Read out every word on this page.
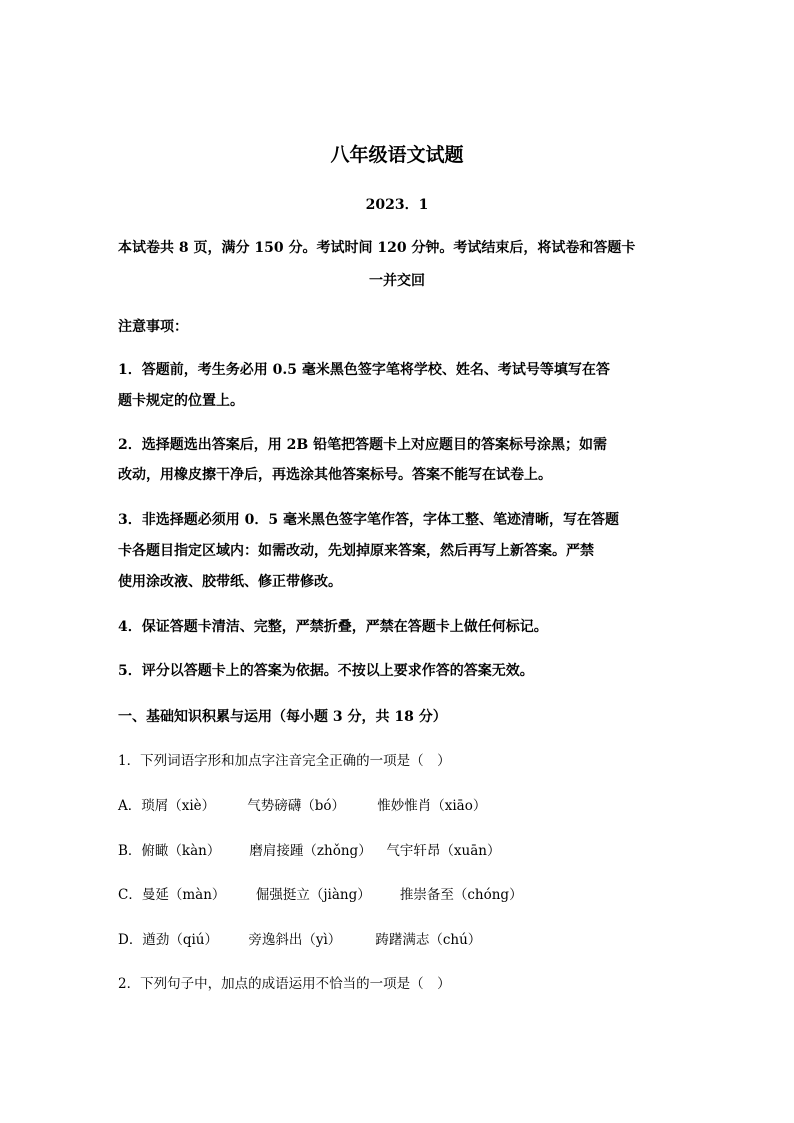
八年级语文试题
2023．1
本试卷共 8 页，满分 150 分。考试时间 120 分钟。考试结束后，将试卷和答题卡
一并交回
注意事项：
1．答题前，考生务必用 0.5 毫米黑色签字笔将学校、姓名、考试号等填写在答
题卡规定的位置上。
2．选择题选出答案后，用 2B 铅笔把答题卡上对应题目的答案标号涂黑；如需
改动，用橡皮擦干净后，再选涂其他答案标号。答案不能写在试卷上。
3．非选择题必须用 0．5 毫米黑色签字笔作答，字体工整、笔迹清晰，写在答题
卡各题目指定区域内：如需改动，先划掉原来答案，然后再写上新答案。严禁
使用涂改液、胶带纸、修正带修改。
4．保证答题卡清洁、完整，严禁折叠，严禁在答题卡上做任何标记。
5．评分以答题卡上的答案为依据。不按以上要求作答的答案无效。
一、基础知识积累与运用（每小题 3 分，共 18 分）
1．下列词语字形和加点字注音完全正确的一项是（　）
A．琐屑（xiè） 气势磅礴（bó） 惟妙惟肖（xiāo）
B．俯瞰（kàn） 磨肩接踵（zhǒng） 气宇轩昂（xuān）
C．曼延（màn） 倔强挺立（jiàng） 推崇备至（chóng）
D．遒劲（qiú） 旁逸斜出（yì）	踌躇满志（chú）
2．下列句子中，加点的成语运用不恰当的一项是（　）
